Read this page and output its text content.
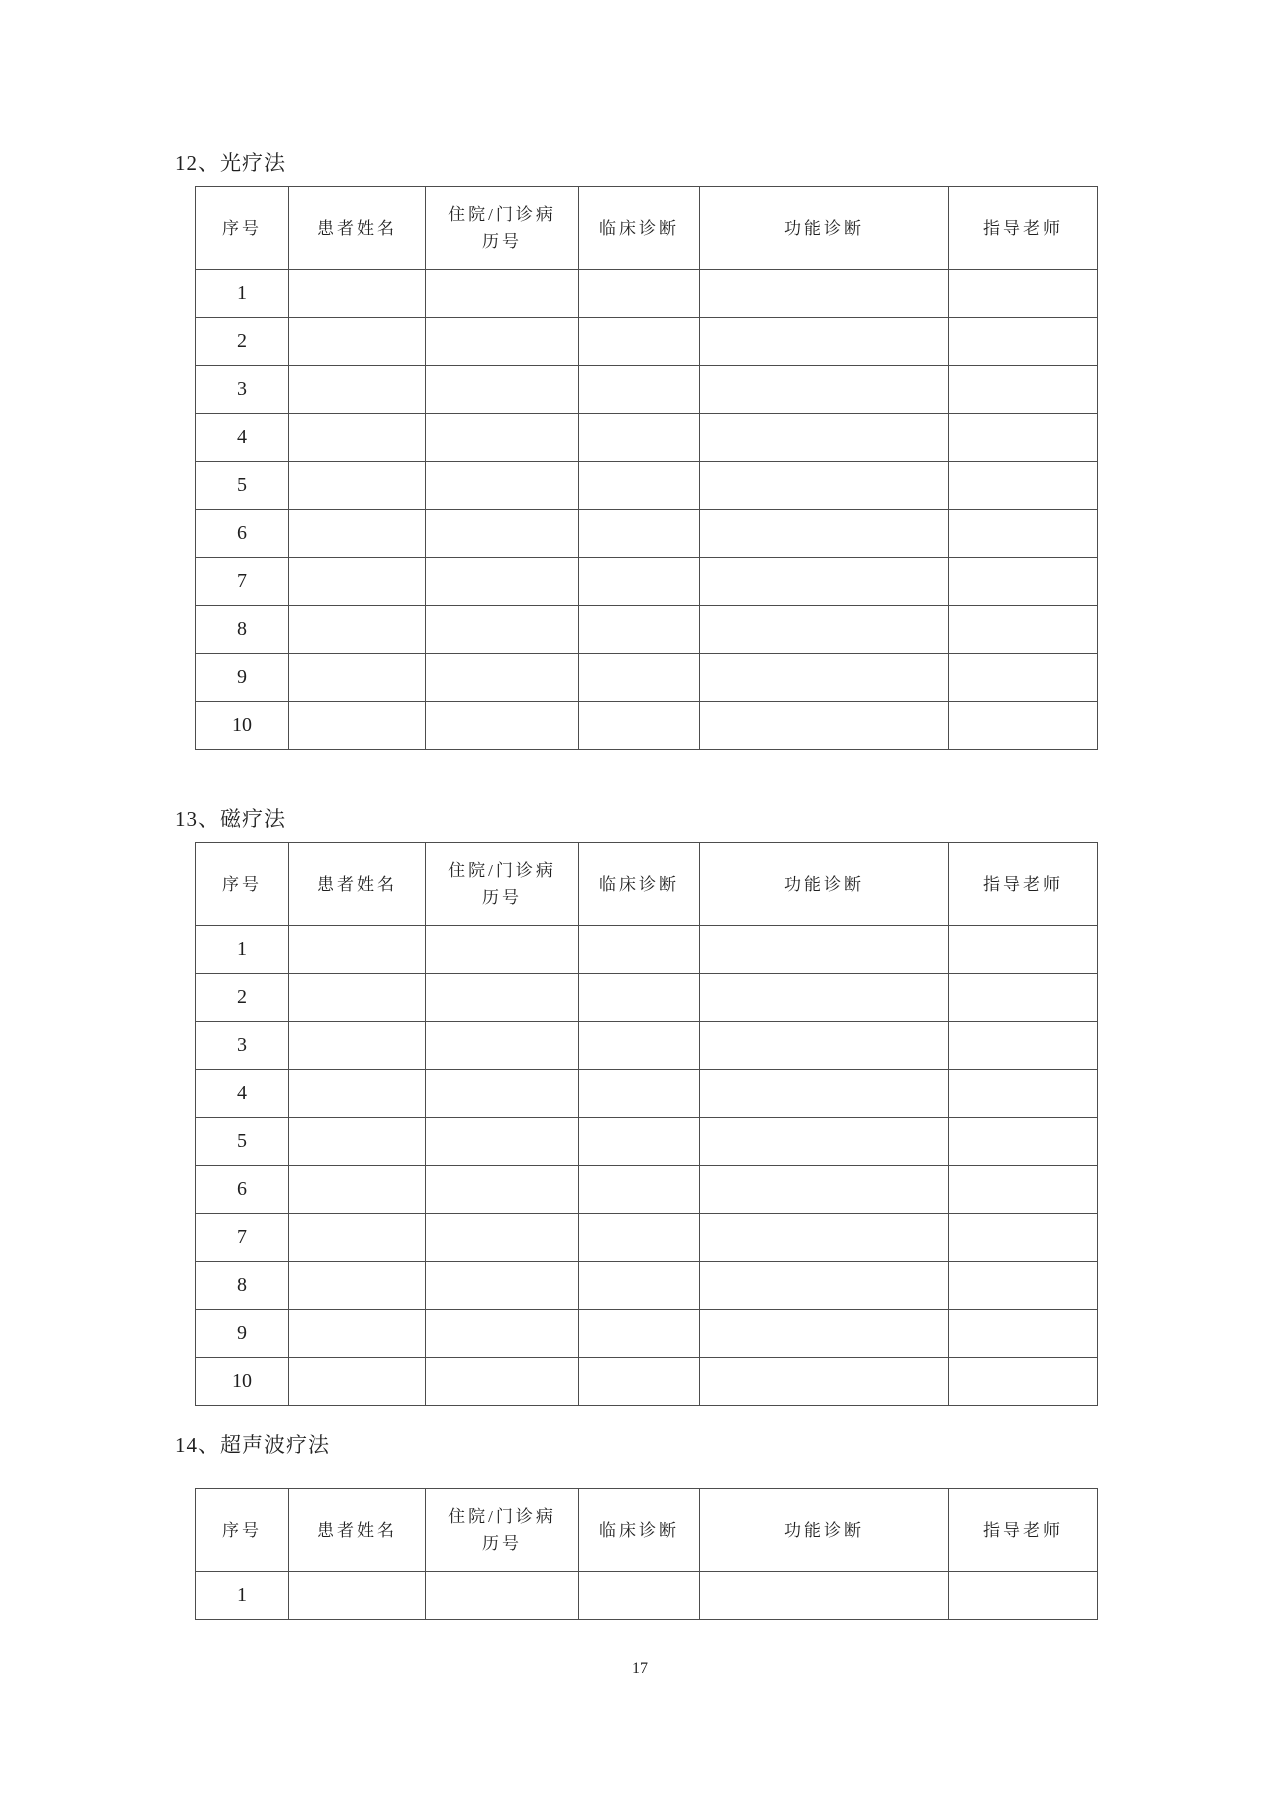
12、光疗法
序号	患者姓名	住院/门诊病历号	临床诊断	功能诊断	指导老师
1					
2					
3					
4					
5					
6					
7					
8					
9					
10					
13、磁疗法
序号	患者姓名	住院/门诊病历号	临床诊断	功能诊断	指导老师
1					
2					
3					
4					
5					
6					
7					
8					
9					
10					
14、超声波疗法
序号	患者姓名	住院/门诊病历号	临床诊断	功能诊断	指导老师
1					
17
